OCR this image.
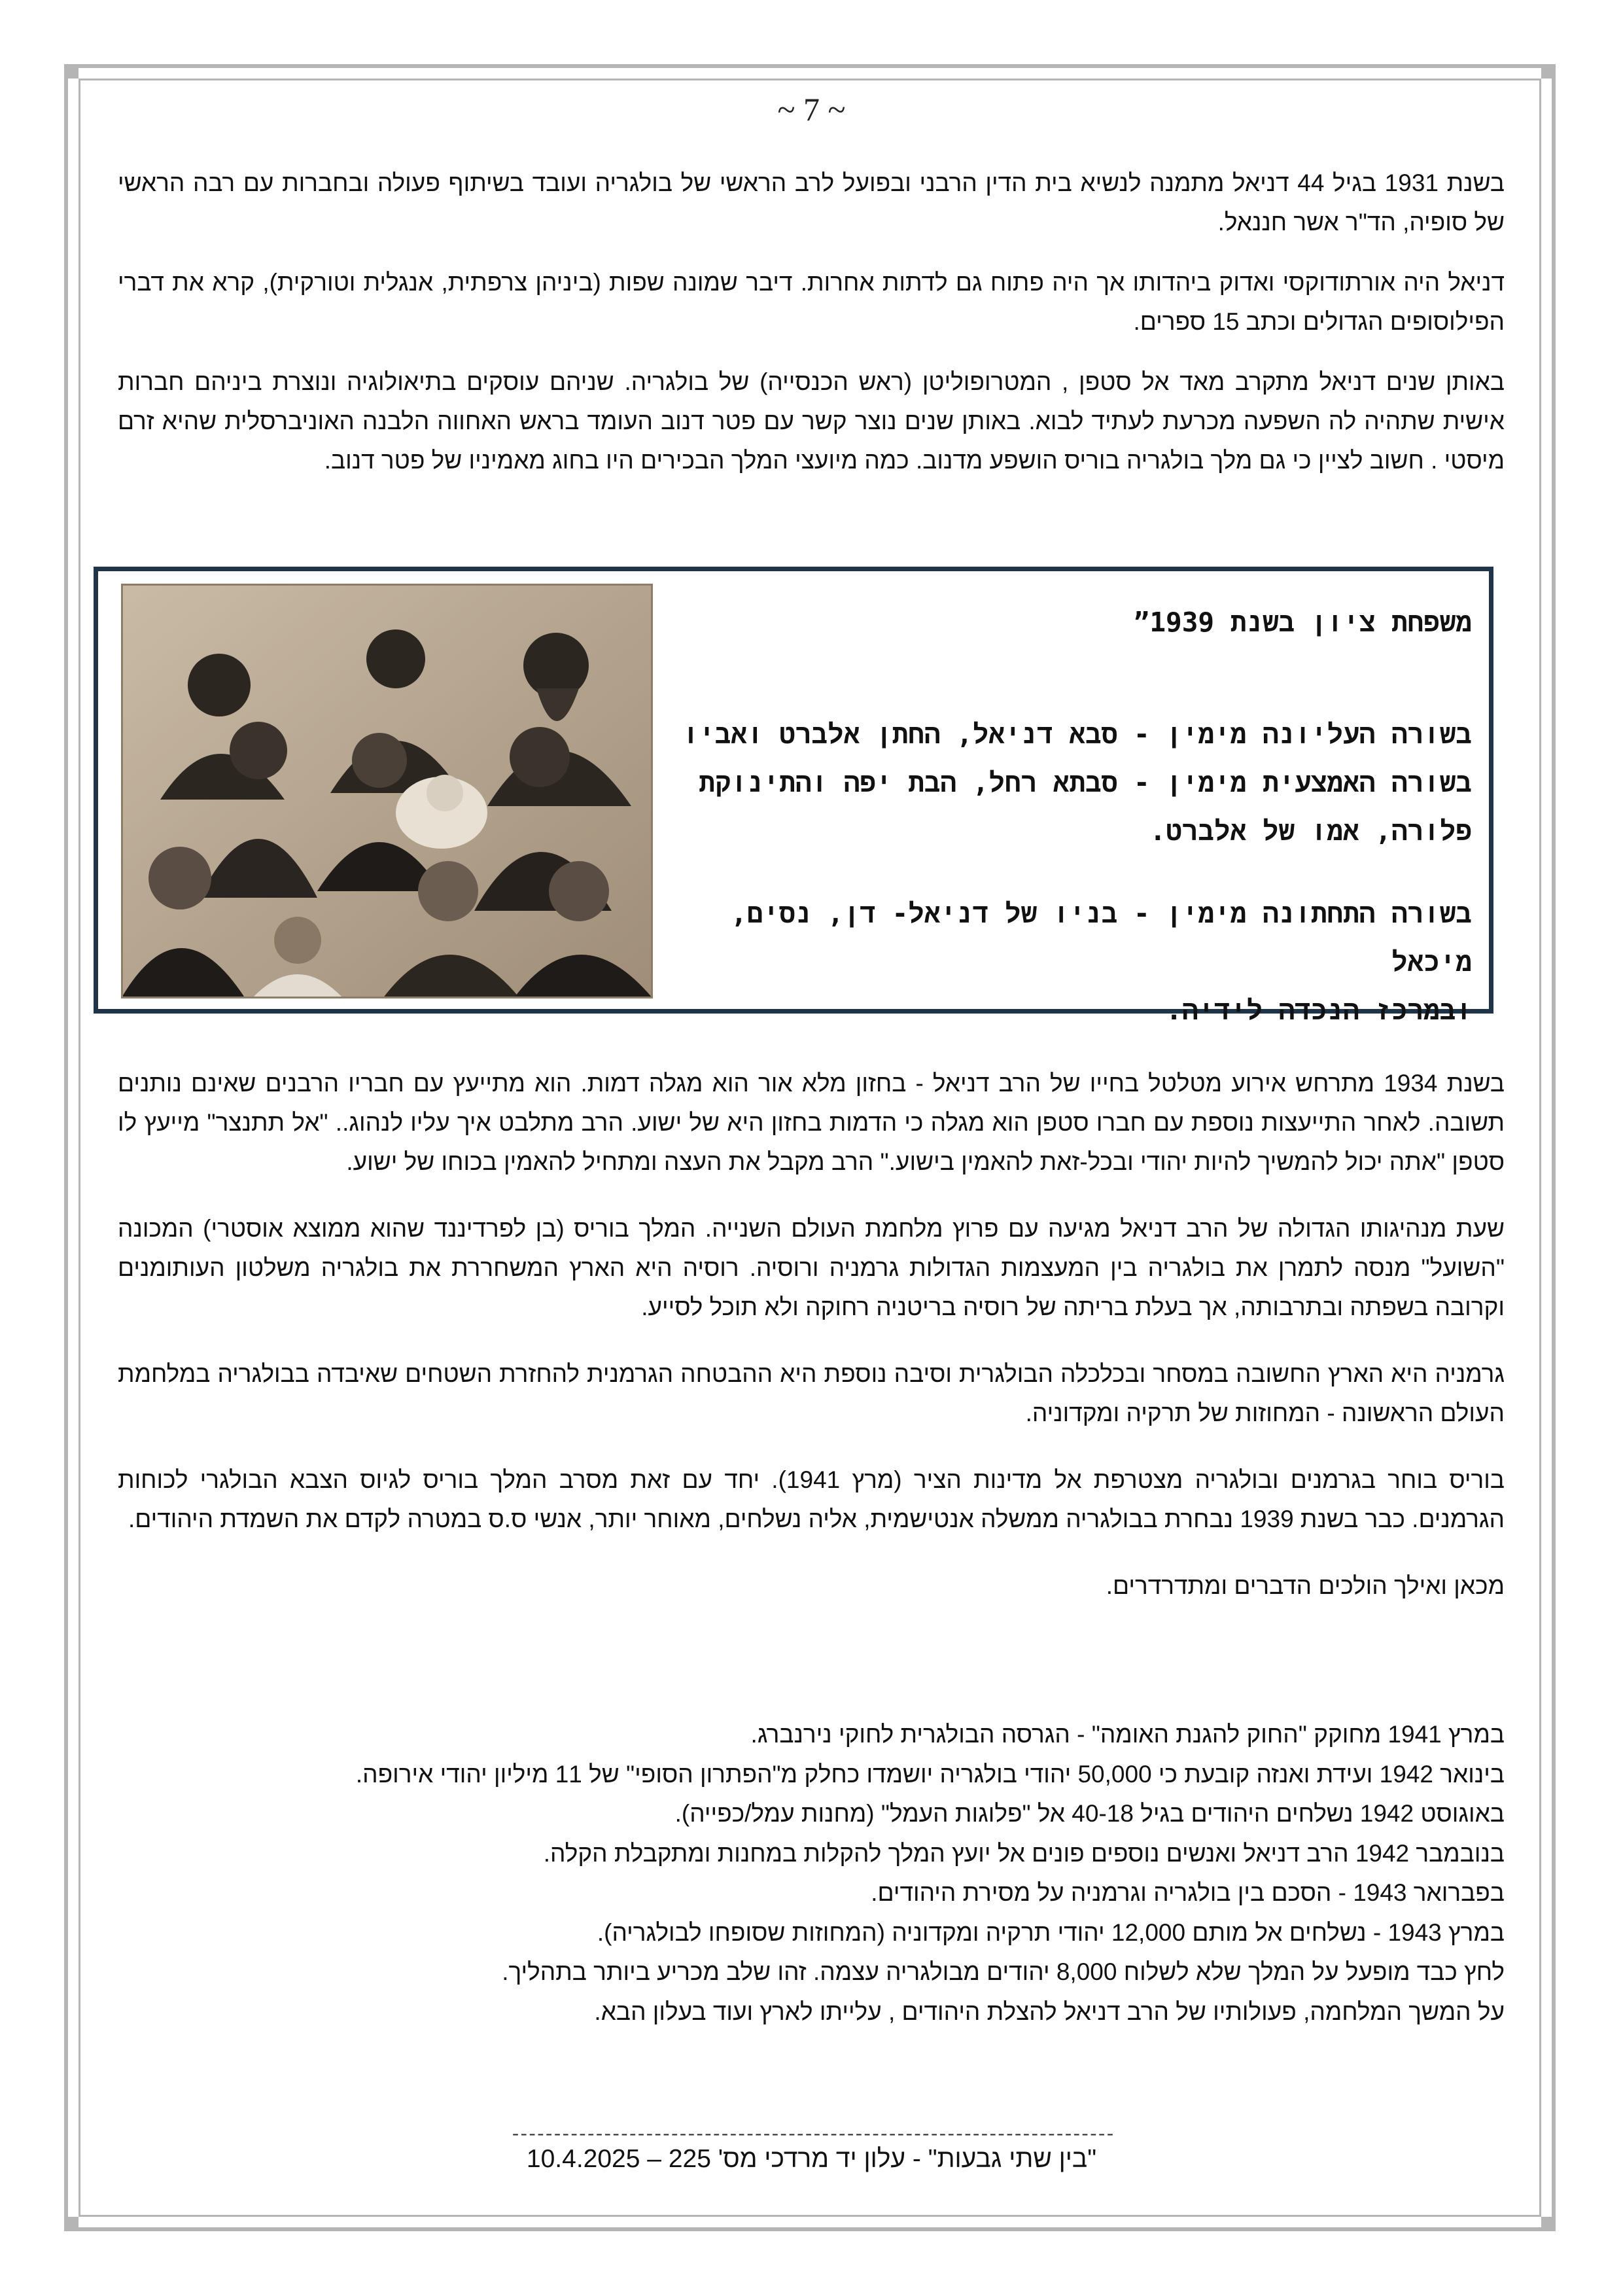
~ 7 ~

בשנת 1931 בגיל 44 דניאל מתמנה לנשיא בית הדין הרבני ובפועל לרב הראשי של בולגריה ועובד בשיתוף פעולה ובחברות עם רבה הראשי של סופיה, הד"ר אשר חננאל.

דניאל היה אורתודוקסי ואדוק ביהדותו אך היה פתוח גם לדתות אחרות. דיבר שמונה שפות (ביניהן צרפתית, אנגלית וטורקית), קרא את דברי הפילוסופים הגדולים וכתב 15 ספרים.

באותן שנים דניאל מתקרב מאד אל סטפן , המטרופוליטן (ראש הכנסייה) של בולגריה. שניהם עוסקים בתיאולוגיה ונוצרת ביניהם חברות אישית שתהיה לה השפעה מכרעת לעתיד לבוא. באותן שנים נוצר קשר עם פטר דנוב העומד בראש האחווה הלבנה האוניברסלית שהיא זרם מיסטי . חשוב לציין כי גם מלך בולגריה בוריס הושפע מדנוב. כמה מיועצי המלך הבכירים היו בחוג מאמיניו של פטר דנוב.

משפחת ציון בשנת 1939”
בשורה העליונה מימין - סבא דניאל, החתן אלברט ואביו
בשורה האמצעית מימין - סבתא רחל, הבת יפה והתינוקת
פלורה, אמו של אלברט.
בשורה התחתונה מימין - בניו של דניאל- דן, נסים, מיכאל
ובמרכז הנכדה לידיה.

בשנת 1934 מתרחש אירוע מטלטל בחייו של הרב דניאל - בחזון מלא אור הוא מגלה דמות. הוא מתייעץ עם חבריו הרבנים שאינם נותנים תשובה. לאחר התייעצות נוספת עם חברו סטפן הוא מגלה כי הדמות בחזון היא של ישוע. הרב מתלבט איך עליו לנהוג.. "אל תתנצר" מייעץ לו סטפן "אתה יכול להמשיך להיות יהודי ובכל-זאת להאמין בישוע." הרב מקבל את העצה ומתחיל להאמין בכוחו של ישוע.

שעת מנהיגותו הגדולה של הרב דניאל מגיעה עם פרוץ מלחמת העולם השנייה. המלך בוריס (בן לפרדיננד שהוא ממוצא אוסטרי) המכונה "השועל" מנסה לתמרן את בולגריה בין המעצמות הגדולות גרמניה ורוסיה. רוסיה היא הארץ המשחררת את בולגריה משלטון העותומנים וקרובה בשפתה ובתרבותה, אך בעלת בריתה של רוסיה בריטניה רחוקה ולא תוכל לסייע.

גרמניה היא הארץ החשובה במסחר ובכלכלה הבולגרית וסיבה נוספת היא ההבטחה הגרמנית להחזרת השטחים שאיבדה בבולגריה במלחמת העולם הראשונה - המחוזות של תרקיה ומקדוניה.

בוריס בוחר בגרמנים ובולגריה מצטרפת אל מדינות הציר (מרץ 1941). יחד עם זאת מסרב המלך בוריס לגיוס הצבא הבולגרי לכוחות הגרמנים. כבר בשנת 1939 נבחרת בבולגריה ממשלה אנטישמית, אליה נשלחים, מאוחר יותר, אנשי ס.ס במטרה לקדם את השמדת היהודים.

מכאן ואילך הולכים הדברים ומתדרדרים.

במרץ 1941 מחוקק "החוק להגנת האומה" - הגרסה הבולגרית לחוקי נירנברג.
בינואר 1942 ועידת ואנזה קובעת כי 50,000 יהודי בולגריה יושמדו כחלק מ"הפתרון הסופי" של 11 מיליון יהודי אירופה.
באוגוסט 1942 נשלחים היהודים בגיל 40-18 אל "פלוגות העמל" (מחנות עמל/כפייה).
בנובמבר 1942 הרב דניאל ואנשים נוספים פונים אל יועץ המלך להקלות במחנות ומתקבלת הקלה.
בפברואר 1943 - הסכם בין בולגריה וגרמניה על מסירת היהודים.
במרץ 1943 - נשלחים אל מותם 12,000 יהודי תרקיה ומקדוניה (המחוזות שסופחו לבולגריה).
לחץ כבד מופעל על המלך שלא לשלוח 8,000 יהודים מבולגריה עצמה. זהו שלב מכריע ביותר בתהליך.
על המשך המלחמה, פעולותיו של הרב דניאל להצלת היהודים , עלייתו לארץ ועוד בעלון הבא.
------------------------------------------------------------------------
"בין שתי גבעות" - עלון יד מרדכי מס' 225 – 10.4.2025
